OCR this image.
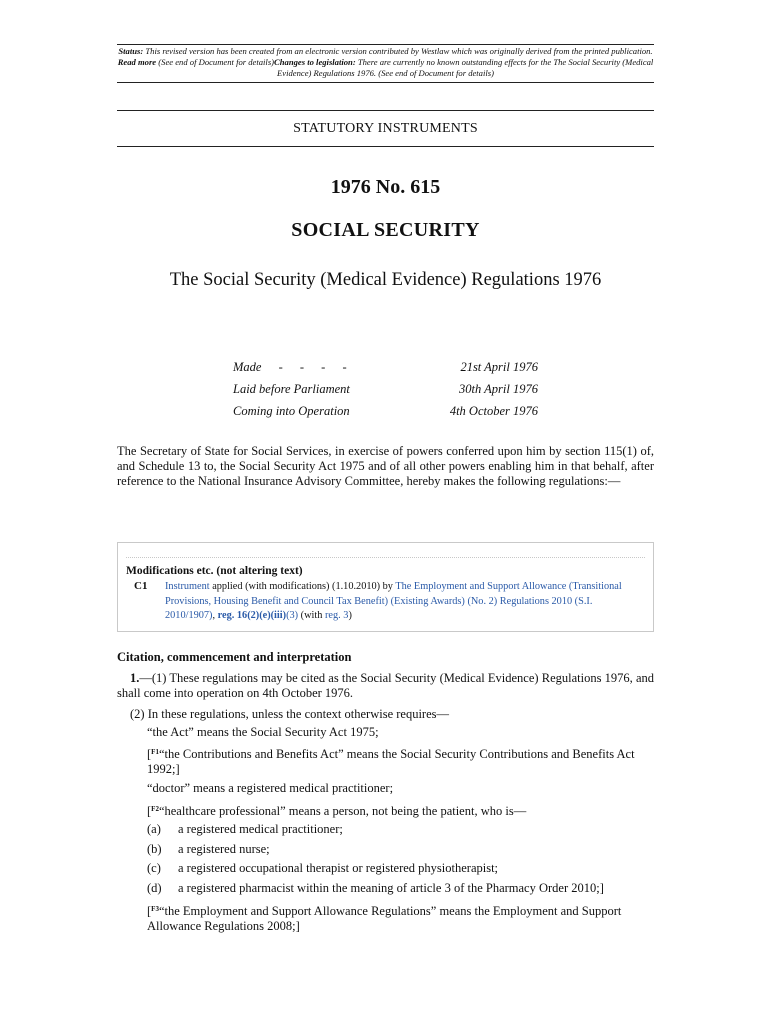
Status: This revised version has been created from an electronic version contributed by Westlaw which was originally derived from the printed publication. Read more (See end of Document for details)Changes to legislation: There are currently no known outstanding effects for the The Social Security (Medical Evidence) Regulations 1976. (See end of Document for details)
STATUTORY INSTRUMENTS
1976 No. 615
SOCIAL SECURITY
The Social Security (Medical Evidence) Regulations 1976
Made - - - -	21st April 1976
Laid before Parliament	30th April 1976
Coming into Operation	4th October 1976
The Secretary of State for Social Services, in exercise of powers conferred upon him by section 115(1) of, and Schedule 13 to, the Social Security Act 1975 and of all other powers enabling him in that behalf, after reference to the National Insurance Advisory Committee, hereby makes the following regulations:—
Modifications etc. (not altering text)
C1 Instrument applied (with modifications) (1.10.2010) by The Employment and Support Allowance (Transitional Provisions, Housing Benefit and Council Tax Benefit) (Existing Awards) (No. 2) Regulations 2010 (S.I. 2010/1907), reg. 16(2)(e)(iii)(3) (with reg. 3)
Citation, commencement and interpretation
1.—(1) These regulations may be cited as the Social Security (Medical Evidence) Regulations 1976, and shall come into operation on 4th October 1976.
(2) In these regulations, unless the context otherwise requires—
“the Act” means the Social Security Act 1975;
[$^{F1}$“the Contributions and Benefits Act” means the Social Security Contributions and Benefits Act 1992;]
“doctor” means a registered medical practitioner;
[$^{F2}$“healthcare professional” means a person, not being the patient, who is—
(a) a registered medical practitioner;
(b) a registered nurse;
(c) a registered occupational therapist or registered physiotherapist;
(d) a registered pharmacist within the meaning of article 3 of the Pharmacy Order 2010;]
[$^{F3}$“the Employment and Support Allowance Regulations” means the Employment and Support Allowance Regulations 2008;]
